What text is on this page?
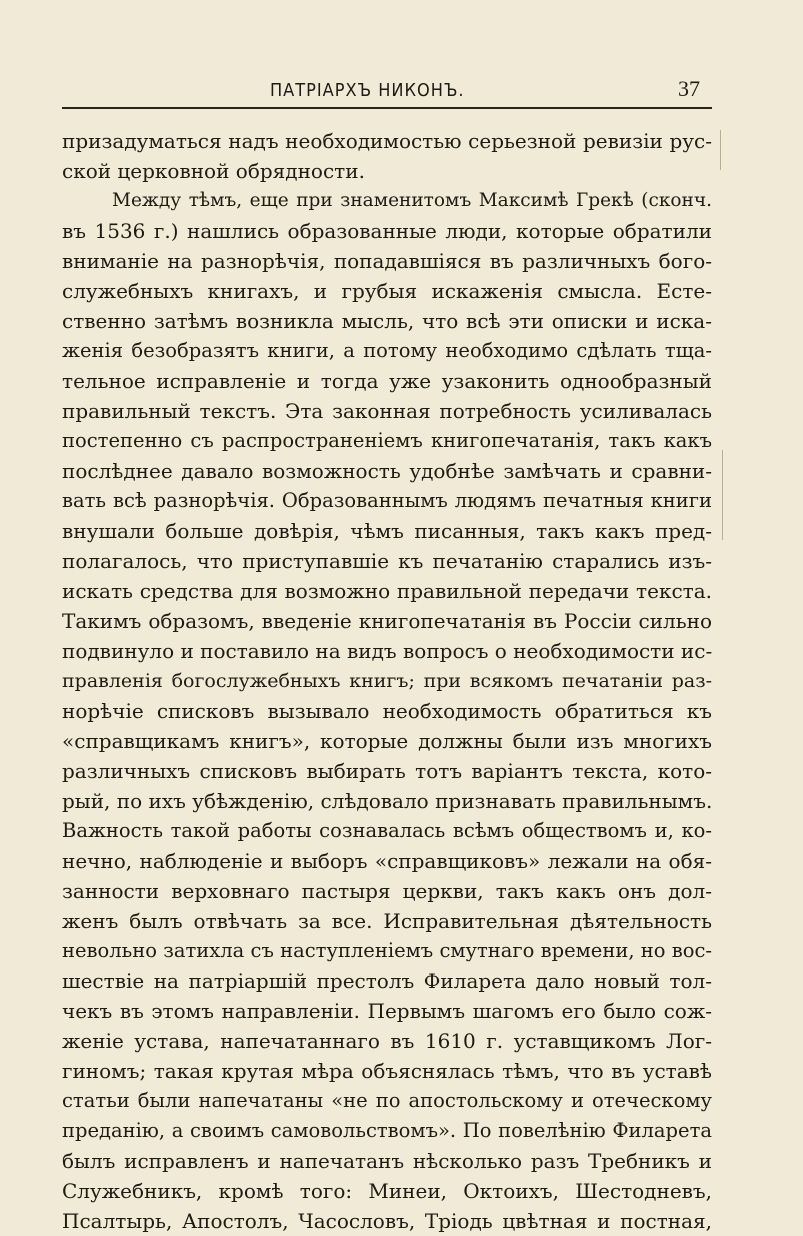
ПАТРІАРХЪ НИКОНЪ.	37
призадуматься надъ необходимостью серьезной ревизіи рус-
ской церковной обрядности.
Между тѣмъ, еще при знаменитомъ Максимѣ Грекѣ (сконч.
въ 1536 г.) нашлись образованные люди, которые обратили
вниманіе на разнорѣчія, попадавшіяся въ различныхъ бого-
служебныхъ книгахъ, и грубыя искаженія смысла. Есте-
ственно затѣмъ возникла мысль, что всѣ эти описки и иска-
женія безобразятъ книги, а потому необходимо сдѣлать тща-
тельное исправленіе и тогда уже узаконить однообразный
правильный текстъ. Эта законная потребность усиливалась
постепенно съ распространеніемъ книгопечатанія, такъ какъ
послѣднее давало возможность удобнѣе замѣчать и сравни-
вать всѣ разнорѣчія. Образованнымъ людямъ печатныя книги
внушали больше довѣрія, чѣмъ писанныя, такъ какъ пред-
полагалось, что приступавшіе къ печатанію старались изъ-
искать средства для возможно правильной передачи текста.
Такимъ образомъ, введеніе книгопечатанія въ Россіи сильно
подвинуло и поставило на видъ вопросъ о необходимости ис-
правленія богослужебныхъ книгъ; при всякомъ печатаніи раз-
норѣчіе списковъ вызывало необходимость обратиться къ
«справщикамъ книгъ», которые должны были изъ многихъ
различныхъ списковъ выбирать тотъ варіантъ текста, кото-
рый, по ихъ убѣжденію, слѣдовало признавать правильнымъ.
Важность такой работы сознавалась всѣмъ обществомъ и, ко-
нечно, наблюденіе и выборъ «справщиковъ» лежали на обя-
занности верховнаго пастыря церкви, такъ какъ онъ дол-
женъ былъ отвѣчать за все. Исправительная дѣятельность
невольно затихла съ наступленіемъ смутнаго времени, но вос-
шествіе на патріаршій престолъ Филарета дало новый тол-
чекъ въ этомъ направленіи. Первымъ шагомъ его было сож-
женіе устава, напечатаннаго въ 1610 г. уставщикомъ Лог-
гиномъ; такая крутая мѣра объяснялась тѣмъ, что въ уставѣ
статьи были напечатаны «не по апостольскому и отеческому
преданію, а своимъ самовольствомъ». По повелѣнію Филарета
былъ исправленъ и напечатанъ нѣсколько разъ Требникъ и
Служебникъ, кромѣ того: Минеи, Октоихъ, Шестодневъ,
Псалтырь, Апостолъ, Часословъ, Тріодь цвѣтная и постная,
